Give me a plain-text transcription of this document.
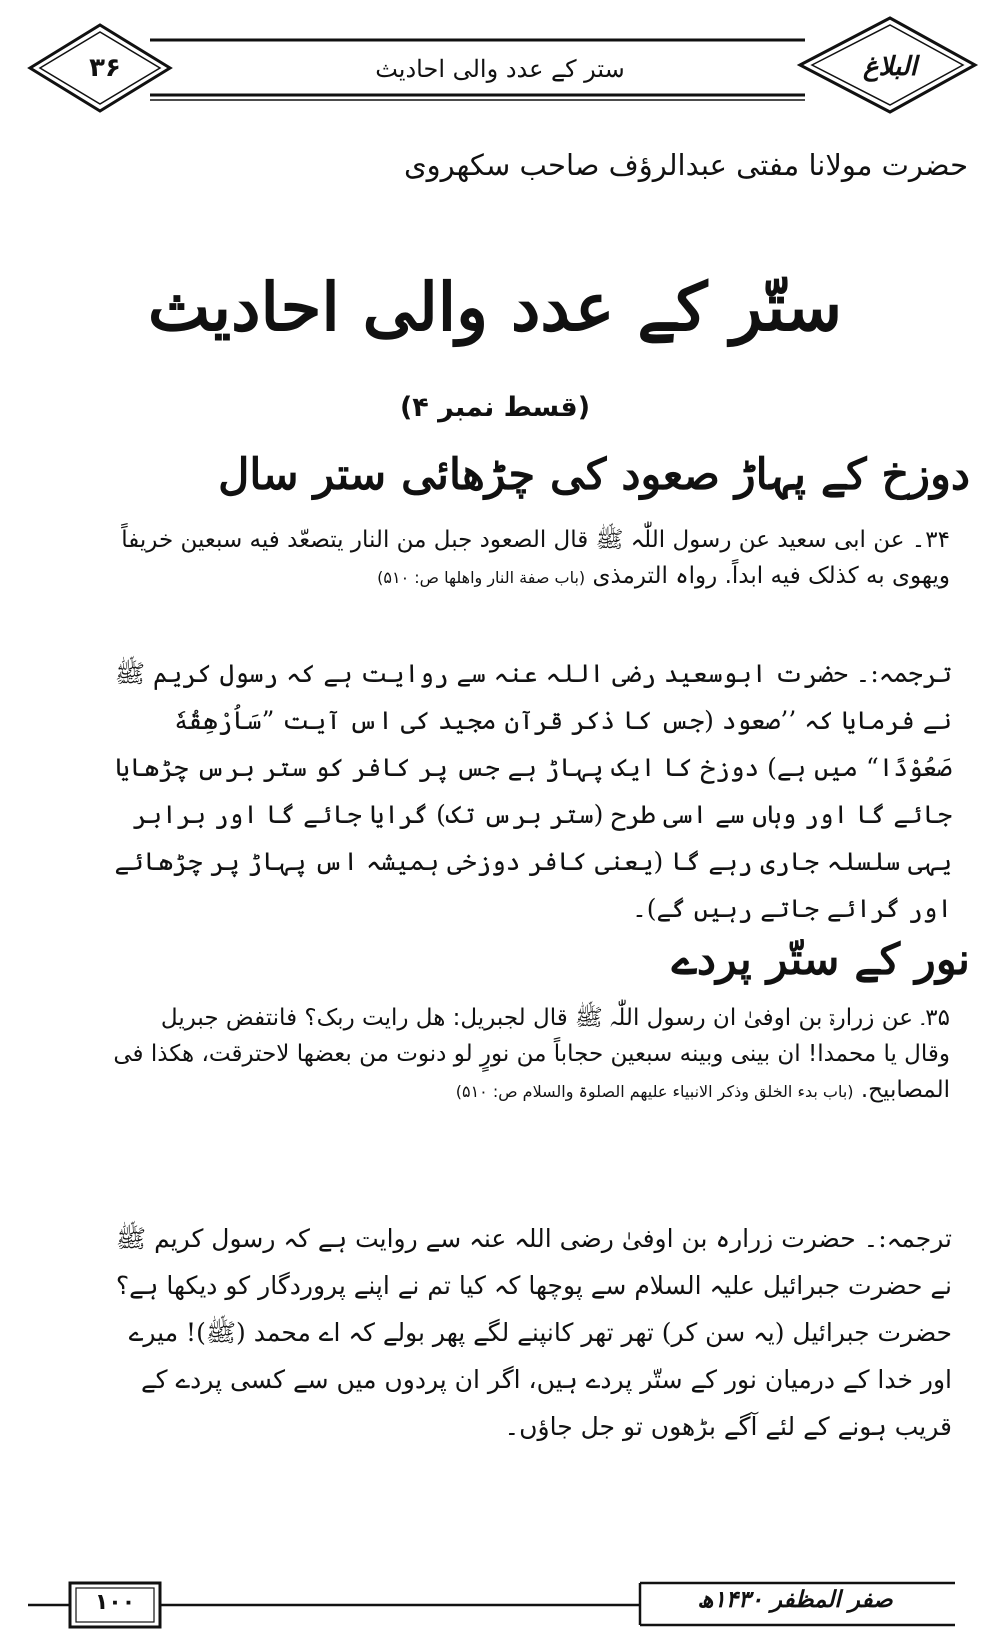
۳۶	ستر کے عدد والی احادیث	البلاغ
حضرت مولانا مفتی عبدالرؤف صاحب سکھروی
ستّر کے عدد والی احادیث
(قسط نمبر ۴)
دوزخ کے پہاڑ صعود کی چڑھائی ستر سال
۳۴۔ عن ابی سعید عن رسول اللّٰہ ﷺ قال الصعود جبل من النار یتصعّد فیه سبعین خریفاً ویھوی به کذلک فیه ابداً. رواہ الترمذی (باب صفة النار واھلھا ص: ۵۱۰)
ترجمہ:۔ حضرت ابوسعید رضی اللہ عنہ سے روایت ہے کہ رسول کریم ﷺ نے فرمایا کہ ’’صعود (جس کا ذکر قرآن مجید کی اس آیت ”سَاُرْهِقُهٗ صَعُوْدًا“ میں ہے) دوزخ کا ایک پہاڑ ہے جس پر کافر کو ستر برس چڑھایا جائے گا اور وہاں سے اسی طرح (ستر برس تک) گرایا جائے گا اور برابر یہی سلسلہ جاری رہے گا (یعنی کافر دوزخی ہمیشہ اس پہاڑ پر چڑھائے اور گرائے جاتے رہیں گے)۔
نور کے ستّر پردے
۳۵۔ عن زرارۃ بن اوفیٰ ان رسول اللّٰہ ﷺ قال لجبریل: ھل رایت ربک؟ فانتفض جبریل وقال یا محمدا! ان بینی وبینه سبعین حجاباً من نورٍ لو دنوت من بعضھا لاحترقت، ھکذا فی المصابیح. (باب بدء الخلق وذکر الانبیاء علیھم الصلوۃ والسلام ص: ۵۱۰)
ترجمہ:۔ حضرت زرارہ بن اوفیٰ رضی اللہ عنہ سے روایت ہے کہ رسول کریم ﷺ نے حضرت جبرائیل علیہ السلام سے پوچھا کہ کیا تم نے اپنے پروردگار کو دیکھا ہے؟ حضرت جبرائیل (یہ سن کر) تھر تھر کانپنے لگے پھر بولے کہ اے محمد (ﷺ)! میرے اور خدا کے درمیان نور کے ستّر پردے ہیں، اگر ان پردوں میں سے کسی پردے کے قریب ہونے کے لئے آگے بڑھوں تو جل جاؤں۔
۱۰۰	صفر المظفر ۱۴۳۰ھ
